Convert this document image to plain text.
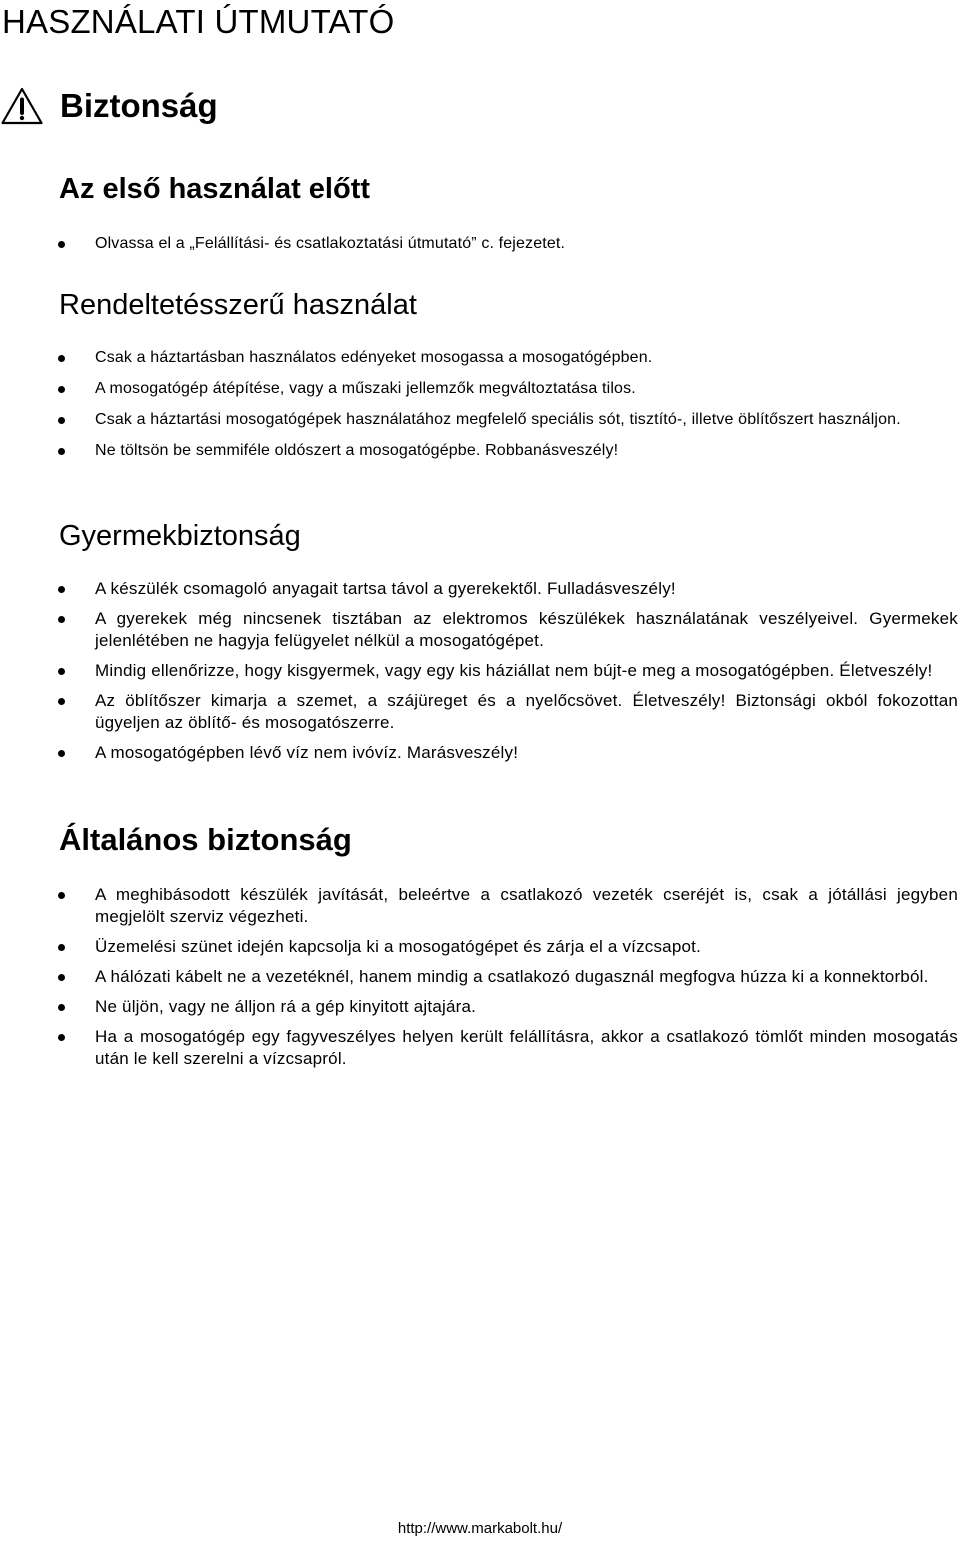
HASZNÁLATI ÚTMUTATÓ
Biztonság
Az első használat előtt
Olvassa el a „Felállítási- és csatlakoztatási útmutató” c. fejezetet.
Rendeltetésszerű használat
Csak a háztartásban használatos edényeket mosogassa a mosogatógépben.
A mosogatógép átépítése, vagy a műszaki jellemzők megváltoztatása tilos.
Csak a háztartási mosogatógépek használatához megfelelő speciális sót, tisztító-, illetve öblítőszert használjon.
Ne töltsön be semmiféle oldószert a mosogatógépbe. Robbanásveszély!
Gyermekbiztonság
A készülék csomagoló anyagait tartsa távol a gyerekektől. Fulladásveszély!
A gyerekek még nincsenek tisztában az elektromos készülékek használatának veszélyeivel. Gyermekek jelenlétében ne hagyja felügyelet nélkül a mosogatógépet.
Mindig ellenőrizze, hogy kisgyermek, vagy egy kis háziállat nem bújt-e meg a mosogatógépben. Életveszély!
Az öblítőszer kimarja a szemet, a szájüreget és a nyelőcsövet. Életveszély! Biztonsági okból fokozottan ügyeljen az öblítő- és mosogatószerre.
A mosogatógépben lévő víz nem ivóvíz. Marásveszély!
Általános biztonság
A meghibásodott készülék javítását, beleértve a csatlakozó vezeték cseréjét is, csak a jótállási jegyben megjelölt szerviz végezheti.
Üzemelési szünet idején kapcsolja ki a mosogatógépet és zárja el a vízcsapot.
A hálózati kábelt ne a vezetéknél, hanem mindig a csatlakozó dugasznál megfogva húzza ki a konnektorból.
Ne üljön, vagy ne álljon rá a gép kinyitott ajtajára.
Ha a mosogatógép egy fagyveszélyes helyen került felállításra, akkor a csatlakozó tömlőt minden mosogatás után le kell szerelni a vízcsapról.
http://www.markabolt.hu/
